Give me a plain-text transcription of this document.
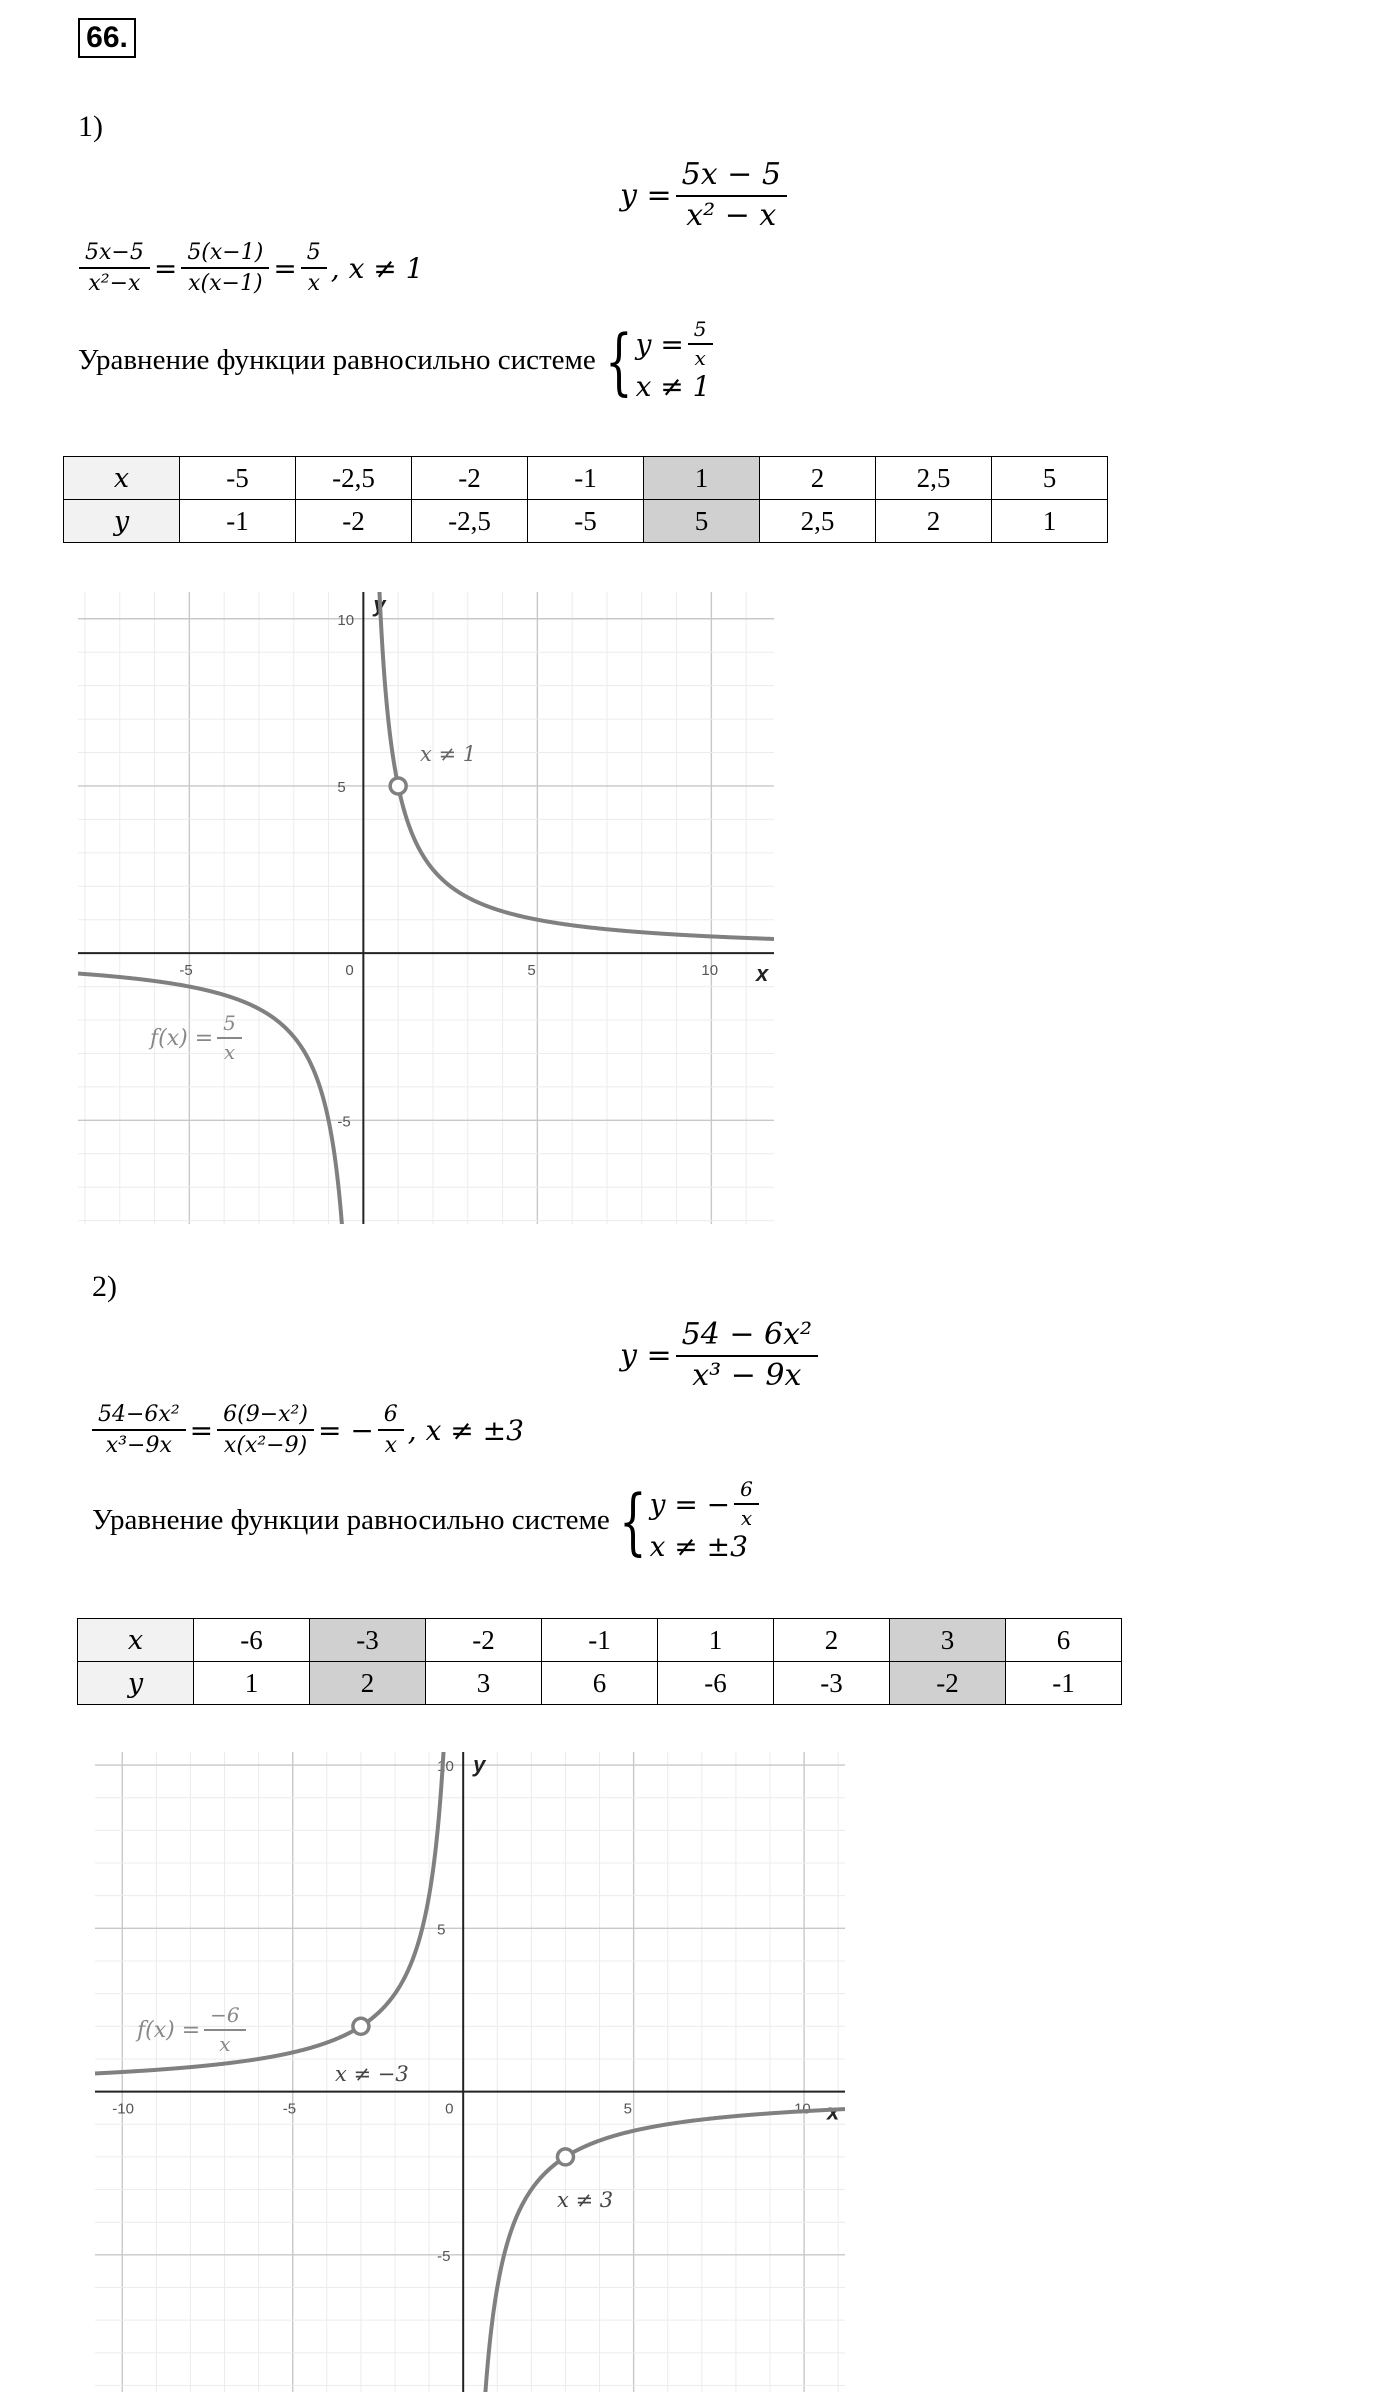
66.
1)
$y = \frac{5x - 5}{\text{x² − x}}$
$\frac{5x-5}{\text{x²−x}} = \frac{5(x-1)}{x(x-1)} = \frac{5}{x}$ , x ≠ 1
Уравнение функции равносильно системе { $y = \frac{5}{x}$
x ≠ 1
x	-5	-2,5	-2	-1	1	2	2,5	5
y	-1	-2	-2,5	-5	5	2,5	2	1
-5	0	5	10
10
5
-5
x
y
$f(x) = \frac{5}{x}$
x ≠ 1
2)
$y = \frac{\text{54 − 6x²}}{\text{x³ − 9x}}$
$\frac{\text{54−6x²}}{\text{x³−9x}} = \frac{\text{6(9−x²)}}{\text{x(x²−9)}}$ = − $\frac{6}{x}$ , x ≠ ±3
Уравнение функции равносильно системе { y = − $\frac{6}{x}$
x ≠ ±3
x	-6	-3	-2	-1	1	2	3	6
y	1	2	3	6	-6	-3	-2	-1
-10	-5	0	5	10
10
5
-5
x
y
$f(x) = \frac{-6}{x}$
x ≠ −3
x ≠ 3
